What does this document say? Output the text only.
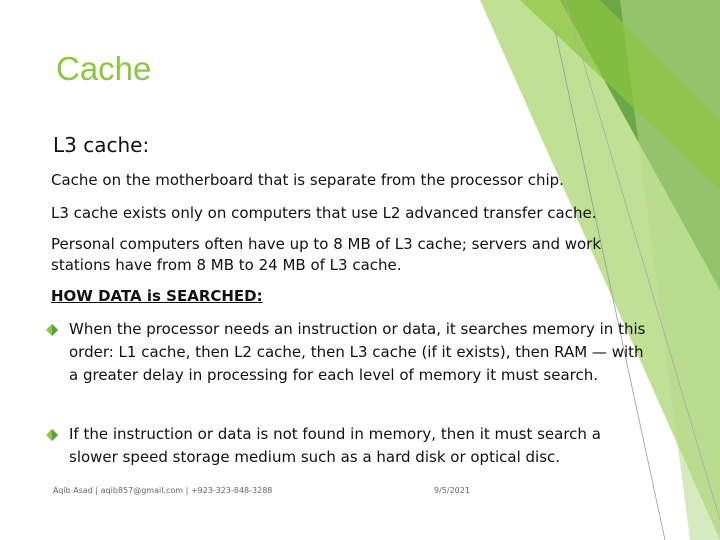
Cache
L3 cache:

Cache on the motherboard that is separate from the processor chip.

L3 cache exists only on computers that use L2 advanced transfer cache.

Personal computers often have up to 8 MB of L3 cache; servers and work stations have from 8 MB to 24 MB of L3 cache.

HOW DATA is SEARCHED:

When the processor needs an instruction or data, it searches memory in this order: L1 cache, then L2 cache, then L3 cache (if it exists), then RAM — with a greater delay in processing for each level of memory it must search.
If the instruction or data is not found in memory, then it must search a slower speed storage medium such as a hard disk or optical disc.
Aqib Asad | aqib857@gmail.com | +923-323-848-3288	9/5/2021
